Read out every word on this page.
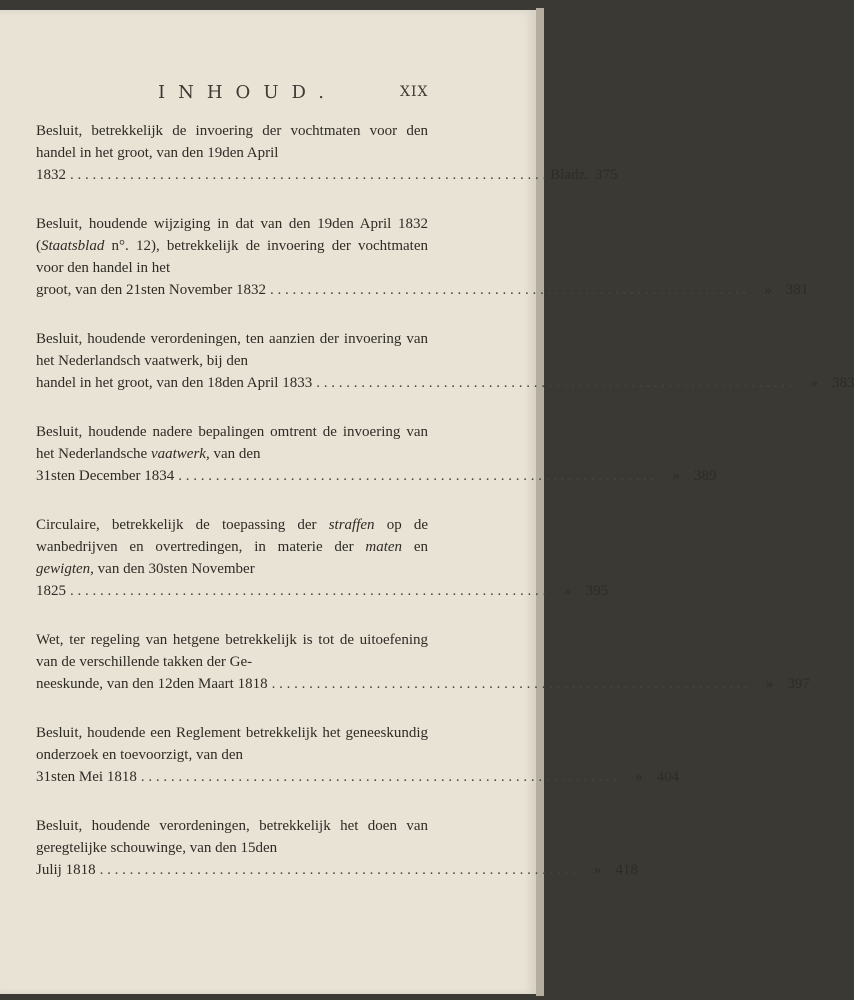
INHOUD.	XIX
Besluit, betrekkelijk de invoering der vochtmaten voor den handel in het groot, van den 19den April
1832 . . . . . . . . . . . . . . . . . . . . . . . . . . . . . . . . . . . . . . . . . . . . . . . . . . . . . . . . . . . . . . . . Bladz. 375
Besluit, houdende wijziging in dat van den 19den April 1832 (Staatsblad n°. 12), betrekkelijk de invoering der vochtmaten voor den handel in het
groot, van den 21sten November 1832 . . . . . . . . . . . . . . . . . . . . . . . . . . . . . . . . . . . . . . . . . . . . . . . . . . . . . . . . . . . . . . . .	» 381
Besluit, houdende verordeningen, ten aanzien der invoering van het Nederlandsch vaatwerk, bij den
handel in het groot, van den 18den April 1833 . . . . . . . . . . . . . . . . . . . . . . . . . . . . . . . . . . . . . . . . . . . . . . . . . . . . . . . . . . . . . . . .	» 383
Besluit, houdende nadere bepalingen omtrent de invoering van het Nederlandsche vaatwerk, van den
31sten December 1834 . . . . . . . . . . . . . . . . . . . . . . . . . . . . . . . . . . . . . . . . . . . . . . . . . . . . . . . . . . . . . . . .	» 389
Circulaire, betrekkelijk de toepassing der straffen op de wanbedrijven en overtredingen, in materie der maten en gewigten, van den 30sten November
1825 . . . . . . . . . . . . . . . . . . . . . . . . . . . . . . . . . . . . . . . . . . . . . . . . . . . . . . . . . . . . . . . .	» 395
Wet, ter regeling van hetgene betrekkelijk is tot de uitoefening van de verschillende takken der Ge-
neeskunde, van den 12den Maart 1818 . . . . . . . . . . . . . . . . . . . . . . . . . . . . . . . . . . . . . . . . . . . . . . . . . . . . . . . . . . . . . . . .	» 397
Besluit, houdende een Reglement betrekkelijk het geneeskundig onderzoek en toevoorzigt, van den
31sten Mei 1818 . . . . . . . . . . . . . . . . . . . . . . . . . . . . . . . . . . . . . . . . . . . . . . . . . . . . . . . . . . . . . . . .	» 404
Besluit, houdende verordeningen, betrekkelijk het doen van geregtelijke schouwinge, van den 15den
Julij 1818 . . . . . . . . . . . . . . . . . . . . . . . . . . . . . . . . . . . . . . . . . . . . . . . . . . . . . . . . . . . . . . . .	» 418
